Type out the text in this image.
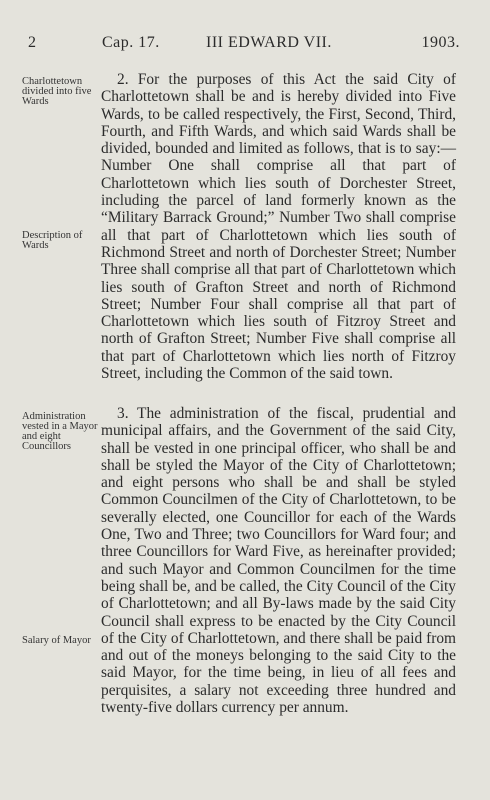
2	Cap. 17.	III EDWARD VII.	1903.
Charlottetown divided into five Wards
Description of Wards
Administration vested in a Mayor and eight Councillors
Salary of Mayor

2. For the purposes of this Act the said City of Charlottetown shall be and is hereby divided into Five Wards, to be called respectively, the First, Second, Third, Fourth, and Fifth Wards, and which said Wards shall be divided, bounded and limited as follows, that is to say:—Number One shall comprise all that part of Charlottetown which lies south of Dorchester Street, including the parcel of land formerly known as the “Military Barrack Ground;” Number Two shall comprise all that part of Charlottetown which lies south of Richmond Street and north of Dorchester Street; Number Three shall comprise all that part of Charlottetown which lies south of Grafton Street and north of Richmond Street; Number Four shall comprise all that part of Charlottetown which lies south of Fitzroy Street and north of Grafton Street; Number Five shall comprise all that part of Charlottetown which lies north of Fitzroy Street, including the Common of the said town.

3. The administration of the fiscal, prudential and municipal affairs, and the Government of the said City, shall be vested in one principal officer, who shall be and shall be styled the Mayor of the City of Charlottetown; and eight persons who shall be and shall be styled Common Councilmen of the City of Charlottetown, to be severally elected, one Councillor for each of the Wards One, Two and Three; two Councillors for Ward four; and three Councillors for Ward Five, as hereinafter provided; and such Mayor and Common Councilmen for the time being shall be, and be called, the City Council of the City of Charlottetown; and all By-laws made by the said City Council shall express to be enacted by the City Council of the City of Charlottetown, and there shall be paid from and out of the moneys belonging to the said City to the said Mayor, for the time being, in lieu of all fees and perquisites, a salary not exceeding three hundred and twenty-five dollars currency per annum.
